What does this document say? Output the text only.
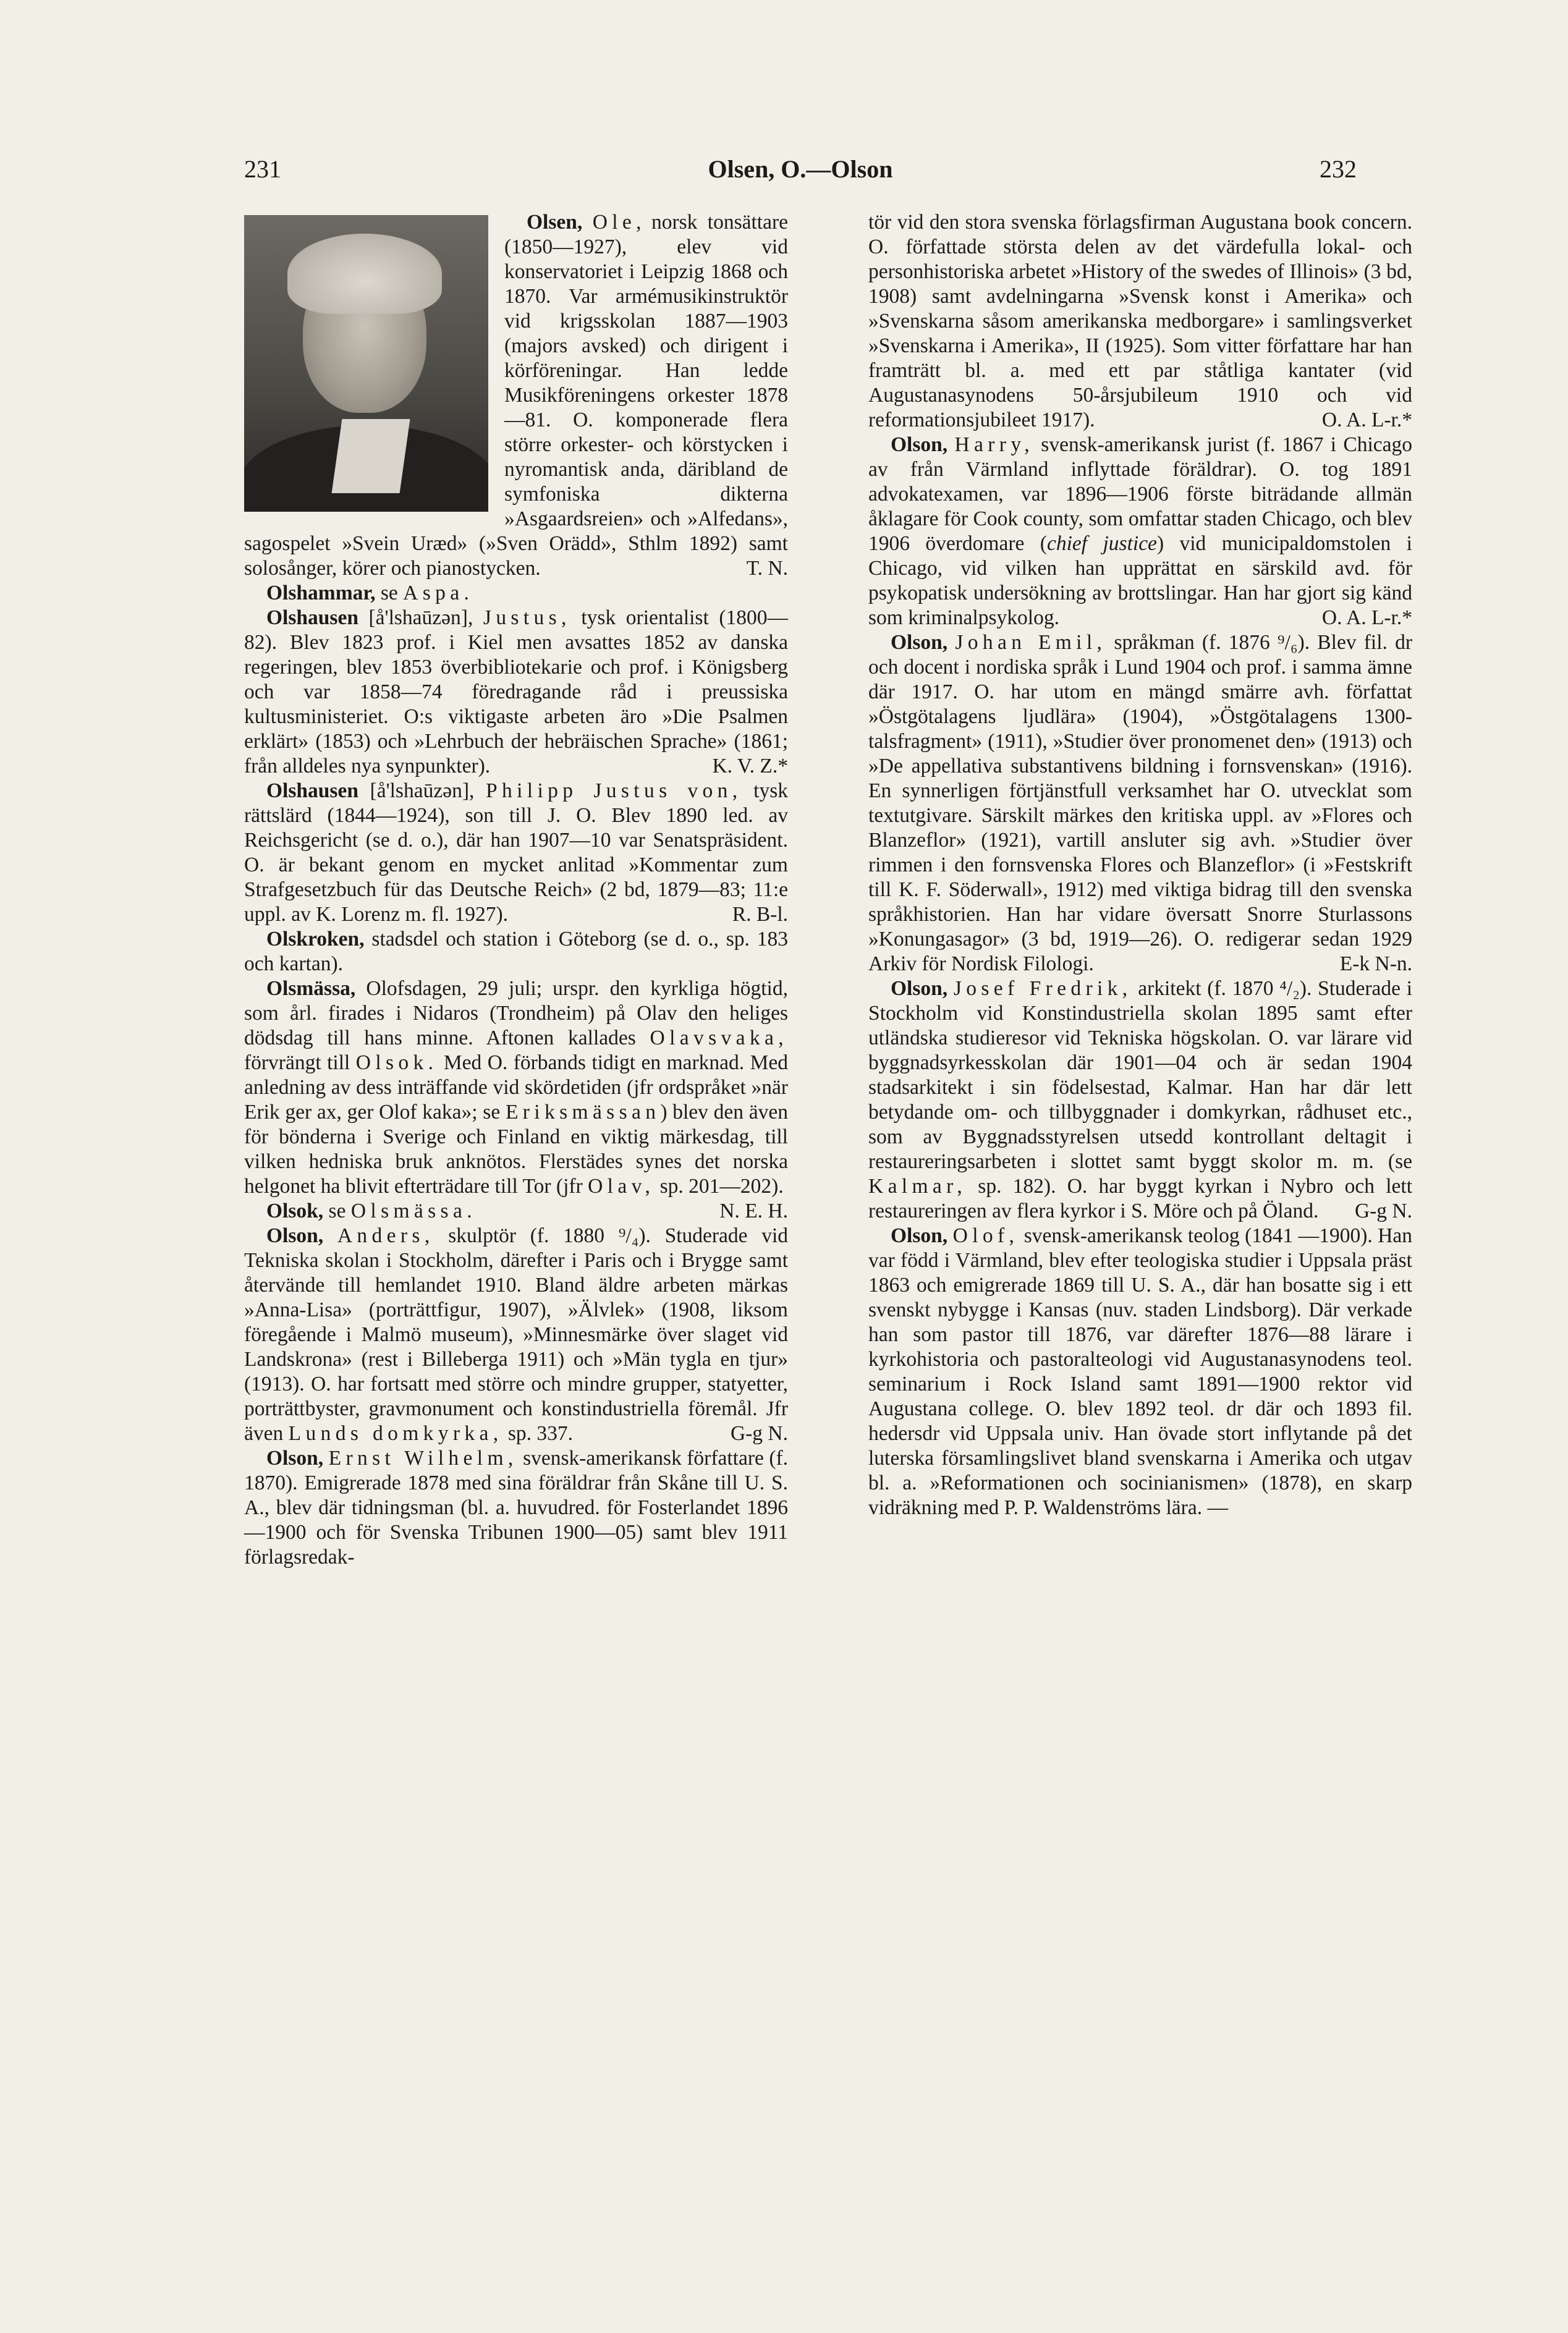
231	Olsen, O.—Olson	232

Olsen, Ole
, norsk tonsättare (1850—1927), elev vid konservatoriet i Leipzig 1868 och 1870. Var armémusikinstruktör vid krigsskolan 1887—1903 (majors avsked) och dirigent i körföreningar. Han ledde Musikföreningens orkester 1878 —81. O. komponerade flera större orkester- och körstycken i nyromantisk anda, däribland de symfoniska dikterna »Asgaardsreien» och »Alfedans», sagospelet »Svein Uræd» (»Sven Orädd», Sthlm 1892) samt solosånger, körer och pianostycken.	T. N.

Olshammar, se Aspa.

Olshausen [å'lshaūzən], Justus, tysk orientalist (1800—82). Blev 1823 prof. i Kiel men avsattes 1852 av danska regeringen, blev 1853 överbibliotekarie och prof. i Königsberg och var 1858—74 föredragande råd i preussiska kultusministeriet. O:s viktigaste arbeten äro »Die Psalmen erklärt» (1853) och »Lehrbuch der hebräischen Sprache» (1861; från alldeles nya synpunkter).	K. V. Z.*

Olshausen [å'lshaūzən], Philipp Justus von, tysk rättslärd (1844—1924), son till J. O. Blev 1890 led. av Reichsgericht (se d. o.), där han 1907—10 var Senatspräsident. O. är bekant genom en mycket anlitad »Kommentar zum Strafgesetzbuch für das Deutsche Reich» (2 bd, 1879—83; 11:e uppl. av K. Lorenz m. fl. 1927).	R. B-l.

Olskroken, stadsdel och station i Göteborg (se d. o., sp. 183 och kartan).

Olsmässa, Olofsdagen, 29 juli; urspr. den kyrkliga högtid, som årl. firades i Nidaros (Trondheim) på Olav den heliges dödsdag till hans minne. Aftonen kallades Olavsvaka, förvrängt till Olsok. Med O. förbands tidigt en marknad. Med anledning av dess inträffande vid skördetiden (jfr ordspråket »när Erik ger ax, ger Olof kaka»; se Eriksmässan) blev den även för bönderna i Sverige och Finland en viktig märkesdag, till vilken hedniska bruk anknötos. Flerstädes synes det norska helgonet ha blivit efterträdare till Tor (jfr Olav, sp. 201—202).
N. E. H.

Olsok, se Olsmässa.

Olson, Anders, skulptör (f. 1880 ⁹/₄). Studerade vid Tekniska skolan i Stockholm, därefter i Paris och i Brygge samt återvände till hemlandet 1910. Bland äldre arbeten märkas »Anna-Lisa» (porträttfigur, 1907), »Älvlek» (1908, liksom föregående i Malmö museum), »Minnesmärke över slaget vid Landskrona» (rest i Billeberga 1911) och »Män tygla en tjur» (1913). O. har fortsatt med större och mindre grupper, statyetter, porträttbyster, gravmonument och konstindustriella föremål. Jfr även Lunds domkyrka, sp. 337.	G-g N.

Olson, Ernst Wilhelm, svensk-amerikansk författare (f. 1870). Emigrerade 1878 med sina föräldrar från Skåne till U. S. A., blev där tidningsman (bl. a. huvudred. för Fosterlandet 1896—1900 och för Svenska Tribunen 1900—05) samt blev 1911 förlagsredak-

tör vid den stora svenska förlagsfirman Augustana book concern. O. författade största delen av det värdefulla lokal- och personhistoriska arbetet »History of the swedes of Illinois» (3 bd, 1908) samt avdelningarna »Svensk konst i Amerika» och »Svenskarna såsom amerikanska medborgare» i samlingsverket »Svenskarna i Amerika», II (1925). Som vitter författare har han framträtt bl. a. med ett par ståtliga kantater (vid Augustanasynodens 50-årsjubileum 1910 och vid reformationsjubileet 1917).	O. A. L-r.*

Olson, Harry, svensk-amerikansk jurist (f. 1867 i Chicago av från Värmland inflyttade föräldrar). O. tog 1891 advokatexamen, var 1896—1906 förste biträdande allmän åklagare för Cook county, som omfattar staden Chicago, och blev 1906 överdomare (chief justice) vid municipaldomstolen i Chicago, vid vilken han upprättat en särskild avd. för psykopatisk undersökning av brottslingar. Han har gjort sig känd som kriminalpsykolog.	O. A. L-r.*

Olson, Johan Emil, språkman (f. 1876 ⁹/₆). Blev fil. dr och docent i nordiska språk i Lund 1904 och prof. i samma ämne där 1917. O. har utom en mängd smärre avh. författat »Östgötalagens ljudlära» (1904), »Östgötalagens 1300-talsfragment» (1911), »Studier över pronomenet den» (1913) och »De appellativa substantivens bildning i fornsvenskan» (1916). En synnerligen förtjänstfull verksamhet har O. utvecklat som textutgivare. Särskilt märkes den kritiska uppl. av »Flores och Blanzeflor» (1921), vartill ansluter sig avh. »Studier över rimmen i den fornsvenska Flores och Blanzeflor» (i »Festskrift till K. F. Söderwall», 1912) med viktiga bidrag till den svenska språkhistorien. Han har vidare översatt Snorre Sturlassons »Konungasagor» (3 bd, 1919—26). O. redigerar sedan 1929 Arkiv för Nordisk Filologi.	E-k N-n.

Olson, Josef Fredrik, arkitekt (f. 1870 ⁴/₂). Studerade i Stockholm vid Konstindustriella skolan 1895 samt efter utländska studieresor vid Tekniska högskolan. O. var lärare vid byggnadsyrkesskolan där 1901—04 och är sedan 1904 stadsarkitekt i sin födelsestad, Kalmar. Han har där lett betydande om- och tillbyggnader i domkyrkan, rådhuset etc., som av Byggnadsstyrelsen utsedd kontrollant deltagit i restaureringsarbeten i slottet samt byggt skolor m. m. (se Kalmar, sp. 182). O. har byggt kyrkan i Nybro och lett restaureringen av flera kyrkor i S. Möre och på Öland.	G-g N.

Olson, Olof, svensk-amerikansk teolog (1841 —1900). Han var född i Värmland, blev efter teologiska studier i Uppsala präst 1863 och emigrerade 1869 till U. S. A., där han bosatte sig i ett svenskt nybygge i Kansas (nuv. staden Lindsborg). Där verkade han som pastor till 1876, var därefter 1876—88 lärare i kyrkohistoria och pastoralteologi vid Augustanasynodens teol. seminarium i Rock Island samt 1891—1900 rektor vid Augustana college. O. blev 1892 teol. dr där och 1893 fil. hedersdr vid Uppsala univ. Han övade stort inflytande på det luterska församlingslivet bland svenskarna i Amerika och utgav bl. a. »Reformationen och socinianismen» (1878), en skarp vidräkning med P. P. Waldenströms lära. —
